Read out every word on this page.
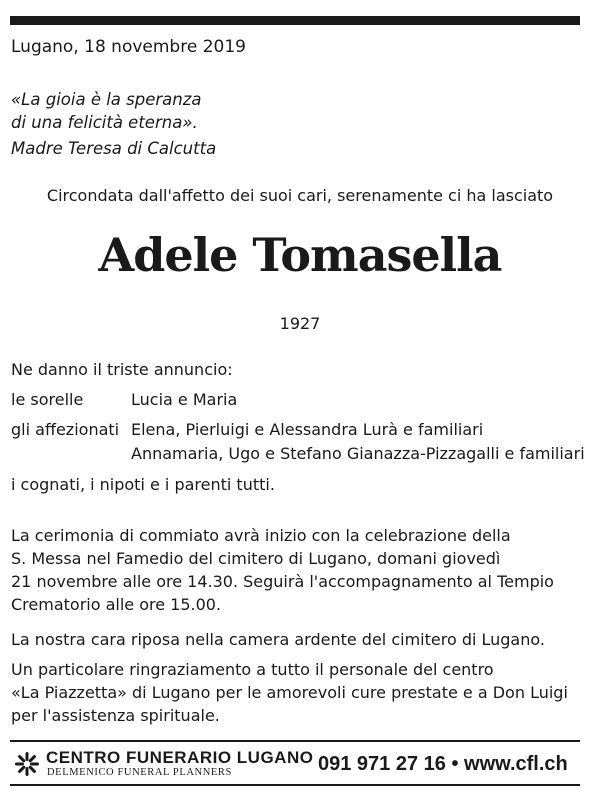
Lugano, 18 novembre 2019
«La gioia è la speranza
di una felicità eterna».
Madre Teresa di Calcutta
Circondata dall'affetto dei suoi cari, serenamente ci ha lasciato
Adele Tomasella
1927
Ne danno il triste annuncio:
le sorelle	Lucia e Maria
gli affezionati Elena, Pierluigi e Alessandra Lurà e familiari
Annamaria, Ugo e Stefano Gianazza-Pizzagalli e familiari
i cognati, i nipoti e i parenti tutti.
La cerimonia di commiato avrà inizio con la celebrazione della
S. Messa nel Famedio del cimitero di Lugano, domani giovedì
21 novembre alle ore 14.30. Seguirà l'accompagnamento al Tempio
Crematorio alle ore 15.00.
La nostra cara riposa nella camera ardente del cimitero di Lugano.
Un particolare ringraziamento a tutto il personale del centro
«La Piazzetta» di Lugano per le amorevoli cure prestate e a Don Luigi
per l'assistenza spirituale.
CENTRO FUNERARIO LUGANO
DELMENICO FUNERAL PLANNERS	091 971 27 16 • www.cfl.ch
